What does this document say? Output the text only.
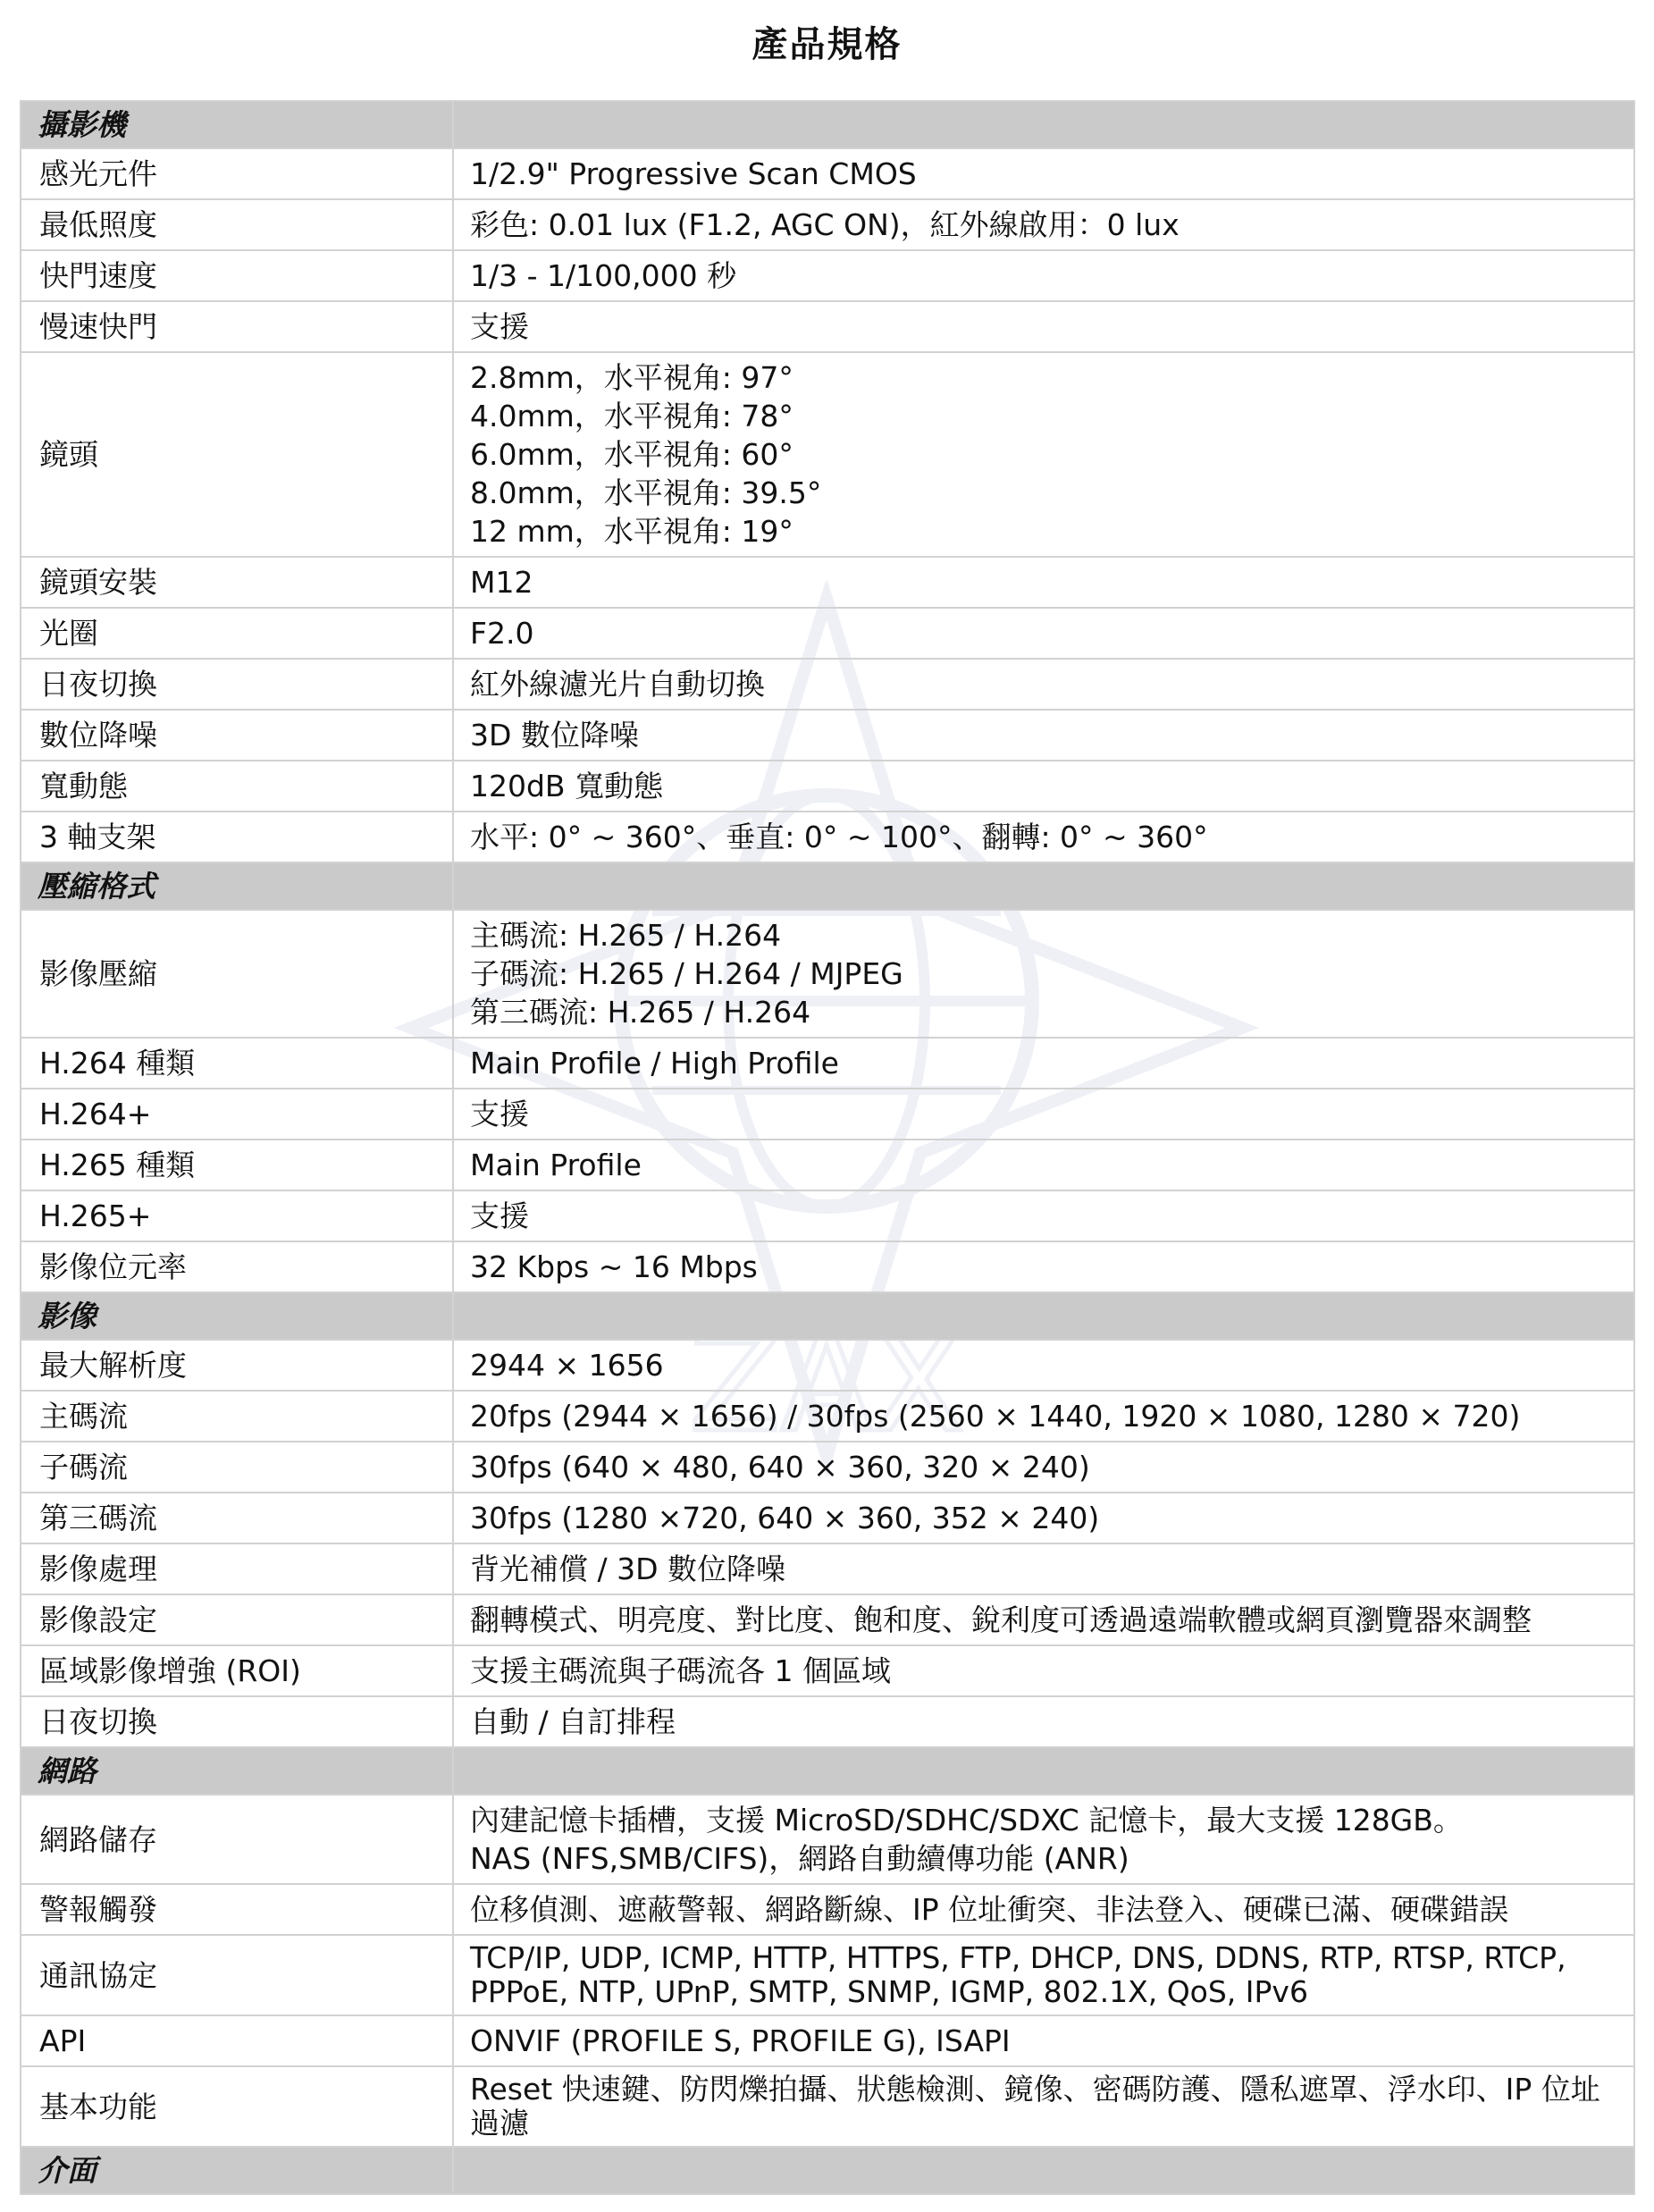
產品規格
ZAX
攝影機	
感光元件	1/2.9" Progressive Scan CMOS

最低照度	彩色: 0.01 lux (F1.2, AGC ON)，紅外線啟用：0 lux

快門速度	1/3 - 1/100,000 秒

慢速快門	支援

鏡頭	2.8mm，水平視角: 97°
4.0mm，水平視角: 78°
6.0mm，水平視角: 60°
8.0mm，水平視角: 39.5°
12 mm，水平視角: 19°

鏡頭安裝	M12

光圈	F2.0

日夜切換	紅外線濾光片自動切換

數位降噪	3D 數位降噪

寬動態	120dB 寬動態

3 軸支架	水平: 0° ~ 360°、垂直: 0° ~ 100°、翻轉: 0° ~ 360°

壓縮格式	
影像壓縮	主碼流: H.265 / H.264
子碼流: H.265 / H.264 / MJPEG
第三碼流: H.265 / H.264

H.264 種類	Main Profile / High Profile

H.264+	支援

H.265 種類	Main Profile

H.265+	支援

影像位元率	32 Kbps ~ 16 Mbps

影像	
最大解析度	2944 × 1656

主碼流	20fps (2944 × 1656) / 30fps (2560 × 1440, 1920 × 1080, 1280 × 720)

子碼流	30fps (640 × 480, 640 × 360, 320 × 240)

第三碼流	30fps (1280 ×720, 640 × 360, 352 × 240)

影像處理	背光補償 / 3D 數位降噪

影像設定	翻轉模式、明亮度、對比度、飽和度、銳利度可透過遠端軟體或網頁瀏覽器來調整

區域影像增強 (ROI)	支援主碼流與子碼流各 1 個區域

日夜切換	自動 / 自訂排程

網路	
網路儲存	內建記憶卡插槽，支援 MicroSD/SDHC/SDXC 記憶卡，最大支援 128GB。
NAS (NFS,SMB/CIFS)，網路自動續傳功能 (ANR)

警報觸發	位移偵測、遮蔽警報、網路斷線、IP 位址衝突、非法登入、硬碟已滿、硬碟錯誤

通訊協定	TCP/IP, UDP, ICMP, HTTP, HTTPS, FTP, DHCP, DNS, DDNS, RTP, RTSP, RTCP, PPPoE, NTP, UPnP, SMTP, SNMP, IGMP, 802.1X, QoS, IPv6

API	ONVIF (PROFILE S, PROFILE G), ISAPI

基本功能	Reset 快速鍵、防閃爍拍攝、狀態檢測、鏡像、密碼防護、隱私遮罩、浮水印、IP 位址過濾

介面	
